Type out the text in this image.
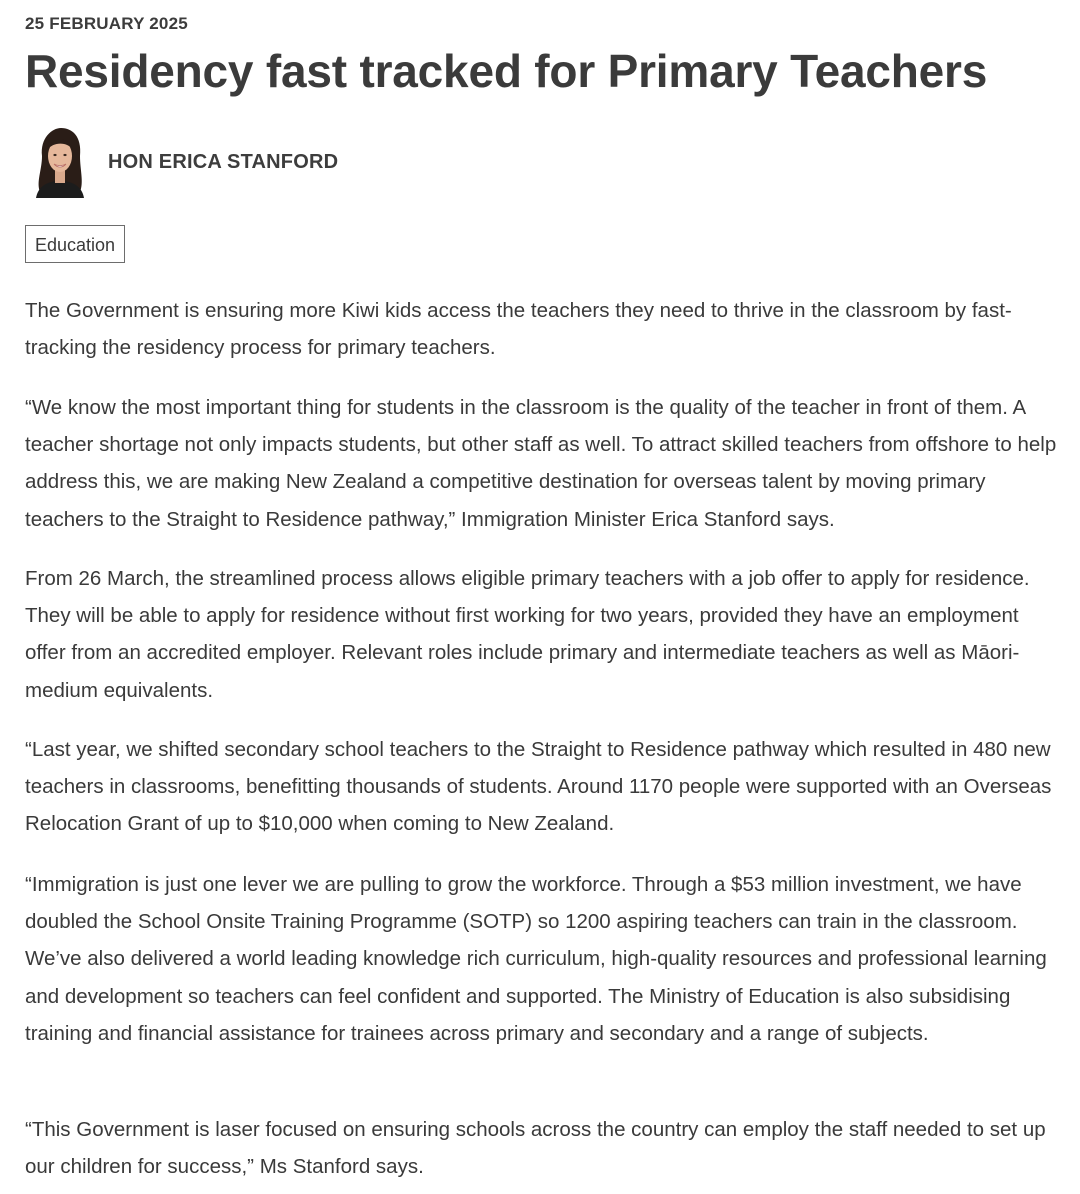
25 FEBRUARY 2025
Residency fast tracked for Primary Teachers
HON ERICA STANFORD
Education

The Government is ensuring more Kiwi kids access the teachers they need to thrive in the classroom by fast-tracking the residency process for primary teachers.

“We know the most important thing for students in the classroom is the quality of the teacher in front of them. A teacher shortage not only impacts students, but other staff as well. To attract skilled teachers from offshore to help address this, we are making New Zealand a competitive destination for overseas talent by moving primary teachers to the Straight to Residence pathway,” Immigration Minister Erica Stanford says.

From 26 March, the streamlined process allows eligible primary teachers with a job offer to apply for residence. They will be able to apply for residence without first working for two years, provided they have an employment offer from an accredited employer. Relevant roles include primary and intermediate teachers as well as Māori-medium equivalents.

“Last year, we shifted secondary school teachers to the Straight to Residence pathway which resulted in 480 new teachers in classrooms, benefitting thousands of students. Around 1170 people were supported with an Overseas Relocation Grant of up to $10,000 when coming to New Zealand.

“Immigration is just one lever we are pulling to grow the workforce. Through a $53 million investment, we have doubled the School Onsite Training Programme (SOTP) so 1200 aspiring teachers can train in the classroom. We’ve also delivered a world leading knowledge rich curriculum, high-quality resources and professional learning and development so teachers can feel confident and supported. The Ministry of Education is also subsidising training and financial assistance for trainees across primary and secondary and a range of subjects.

“This Government is laser focused on ensuring schools across the country can employ the staff needed to set up our children for success,” Ms Stanford says.
